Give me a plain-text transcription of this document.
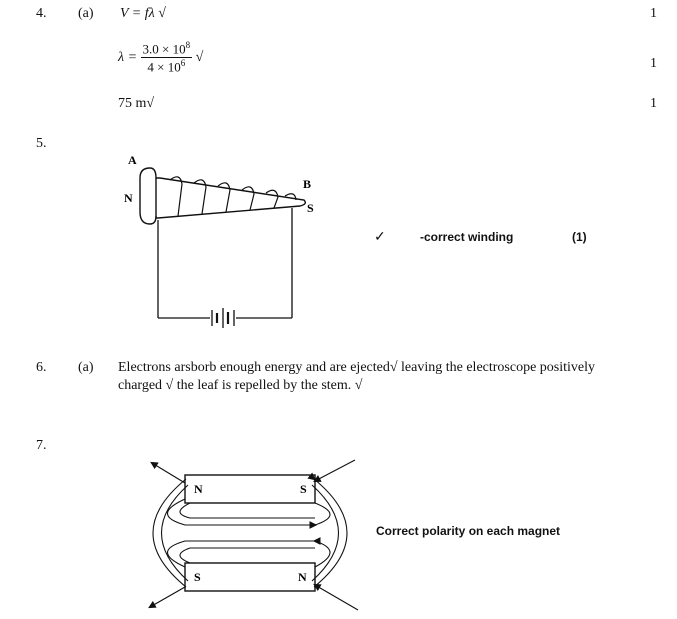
4. (a) V = fλ √	1
$\lambda = \frac{3.0 \times 10^8}{4 \times 10^6}$ √	1
75 m√	1
5.
A
N
B
S
✓	-correct winding	(1)
6. (a) Electrons arsborb enough energy and are ejected√ leaving the electroscope positively
charged √ the leaf is repelled by the stem. √
7.
N	S
S	N
Correct polarity on each magnet
